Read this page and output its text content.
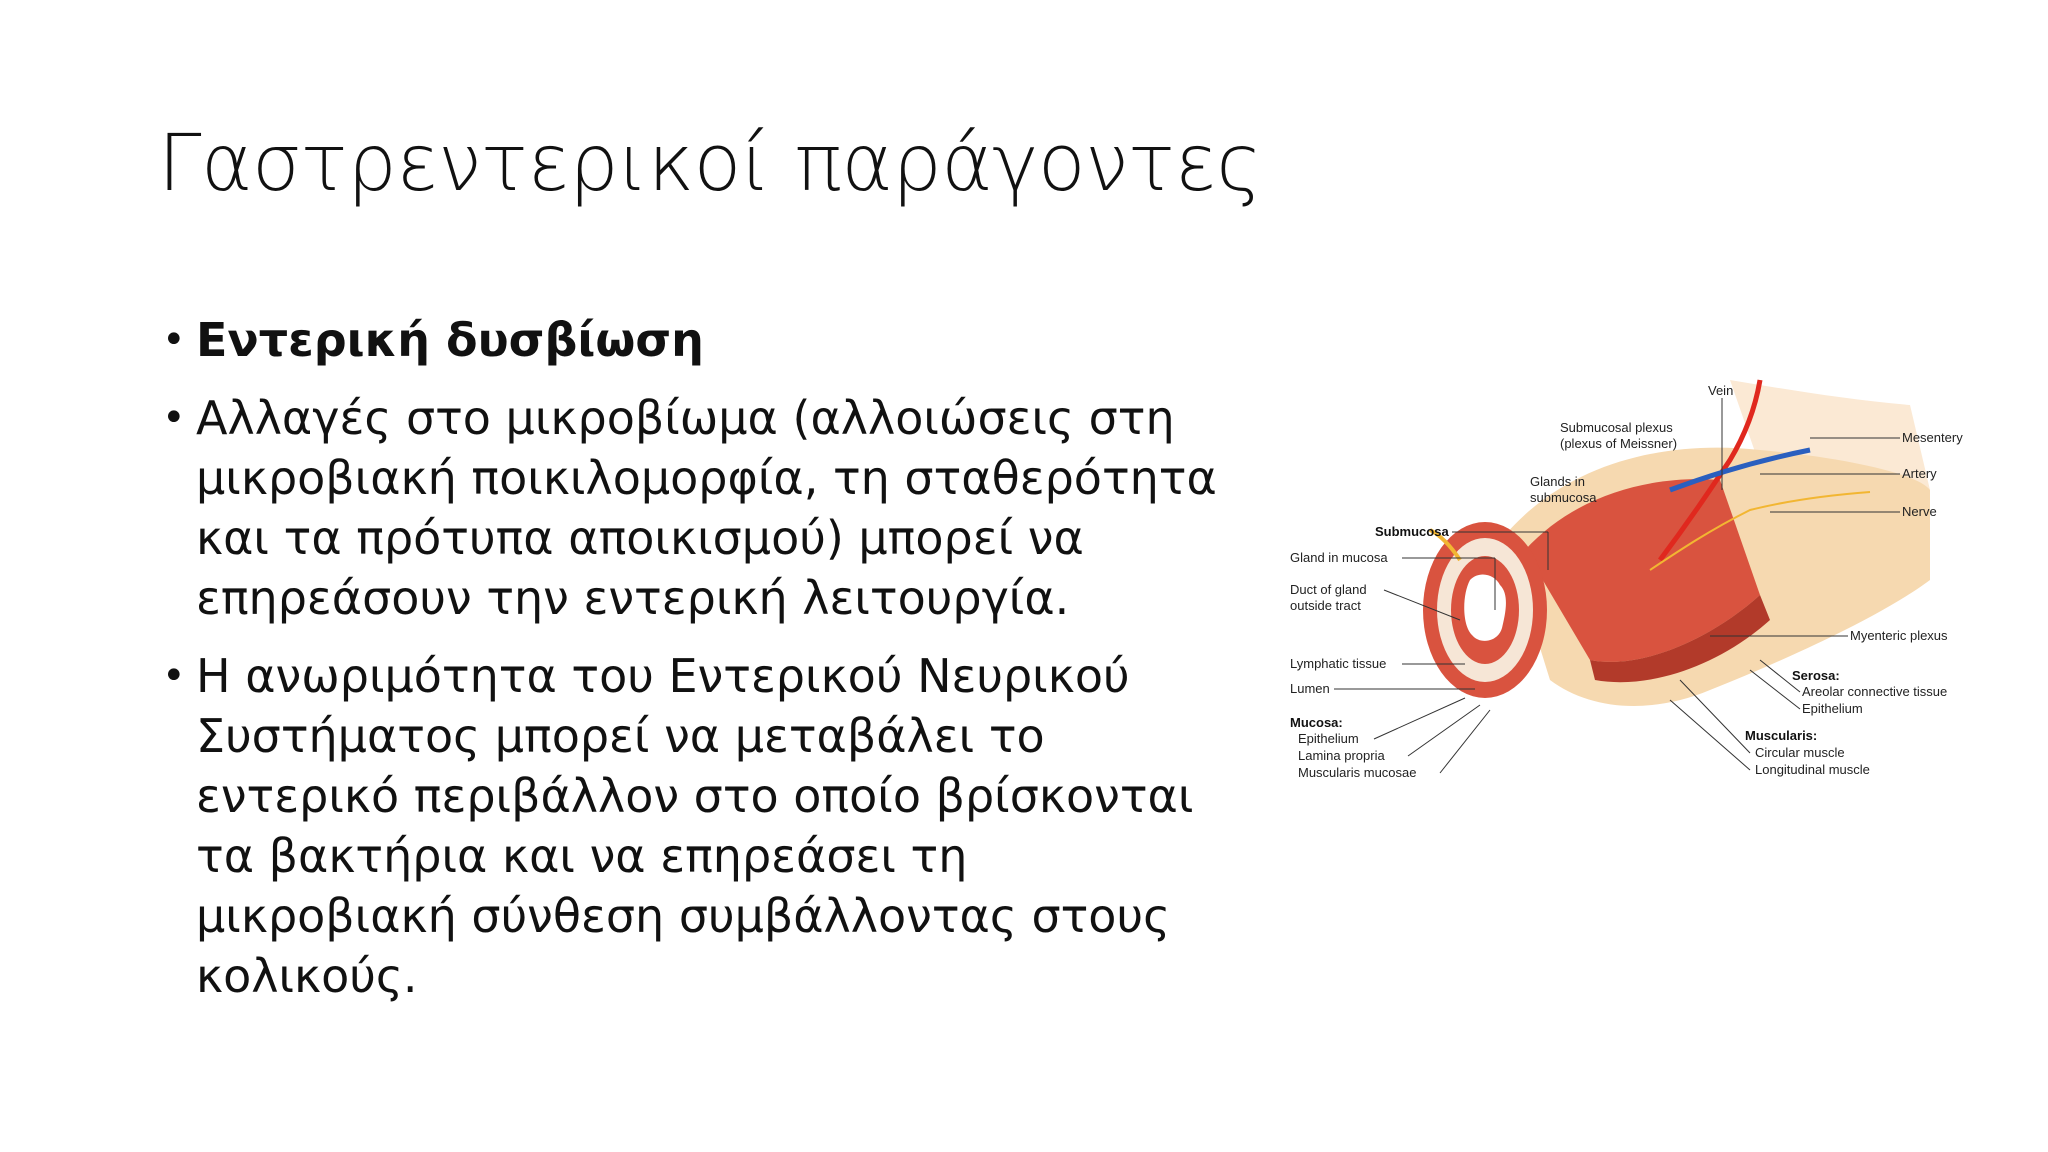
Γαστρεντερικοί παράγοντες
• Εντερική δυσβίωση
• Αλλαγές στο μικροβίωμα (αλλοιώσεις στη μικροβιακή ποικιλομορφία, τη σταθερότητα και τα πρότυπα αποικισμού) μπορεί να επηρεάσουν την εντερική λειτουργία.
• Η ανωριμότητα του Εντερικού Νευρικού Συστήματος μπορεί να μεταβάλει το εντερικό περιβάλλον στο οποίο βρίσκονται τα βακτήρια και να επηρεάσει τη μικροβιακή σύνθεση συμβάλλοντας στους κολικούς.
Vein
Submucosal plexus
(plexus of Meissner)	Mesentery
Artery
Glands in
submucosa
Nerve
Submucosa
Gland in mucosa
Duct of gland
outside tract
Myenteric plexus
Lymphatic tissue
Serosa:
Areolar connective tissue
Lumen
Epithelium
Mucosa:
Epithelium	Muscularis:
Circular muscle
Lamina propria
Longitudinal muscle
Muscularis mucosae
